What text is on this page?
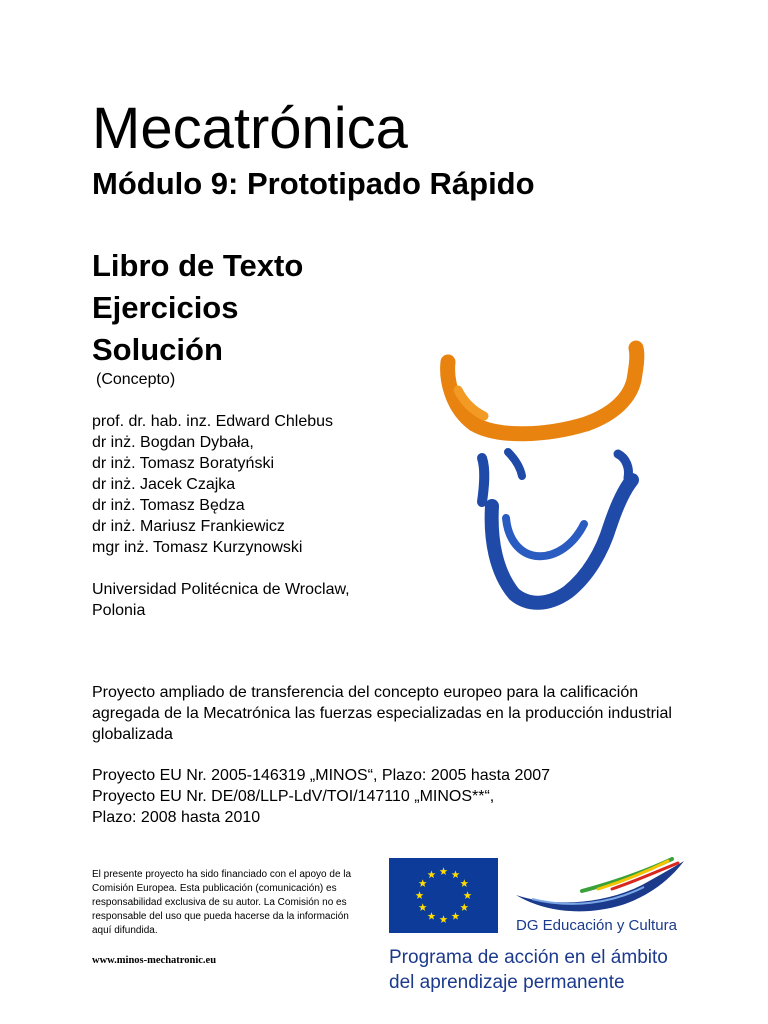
Mecatrónica
Módulo 9: Prototipado Rápido
Libro de Texto
Ejercicios
Solución
(Concepto)
prof. dr. hab. inz. Edward Chlebus
dr inż. Bogdan Dybała,
dr inż. Tomasz Boratyński
dr inż. Jacek Czajka
dr inż. Tomasz Będza
dr inż. Mariusz Frankiewicz
mgr inż. Tomasz Kurzynowski
Universidad Politécnica de Wroclaw,
Polonia
Proyecto ampliado de transferencia del concepto europeo para la calificación agregada de la Mecatrónica las fuerzas especializadas en la producción industrial globalizada
Proyecto EU Nr. 2005-146319 „MINOS“, Plazo: 2005 hasta 2007
Proyecto EU Nr. DE/08/LLP-LdV/TOI/147110 „MINOS**“,
Plazo: 2008 hasta 2010
El presente proyecto ha sido financiado con el apoyo de la Comisión Europea. Esta publicación (comunicación) es responsabilidad exclusiva de su autor. La Comisión no es responsable del uso que pueda hacerse da la información aquí difundida.
www.minos-mechatronic.eu
DG Educación y Cultura
Programa de acción en el ámbito
del aprendizaje permanente
